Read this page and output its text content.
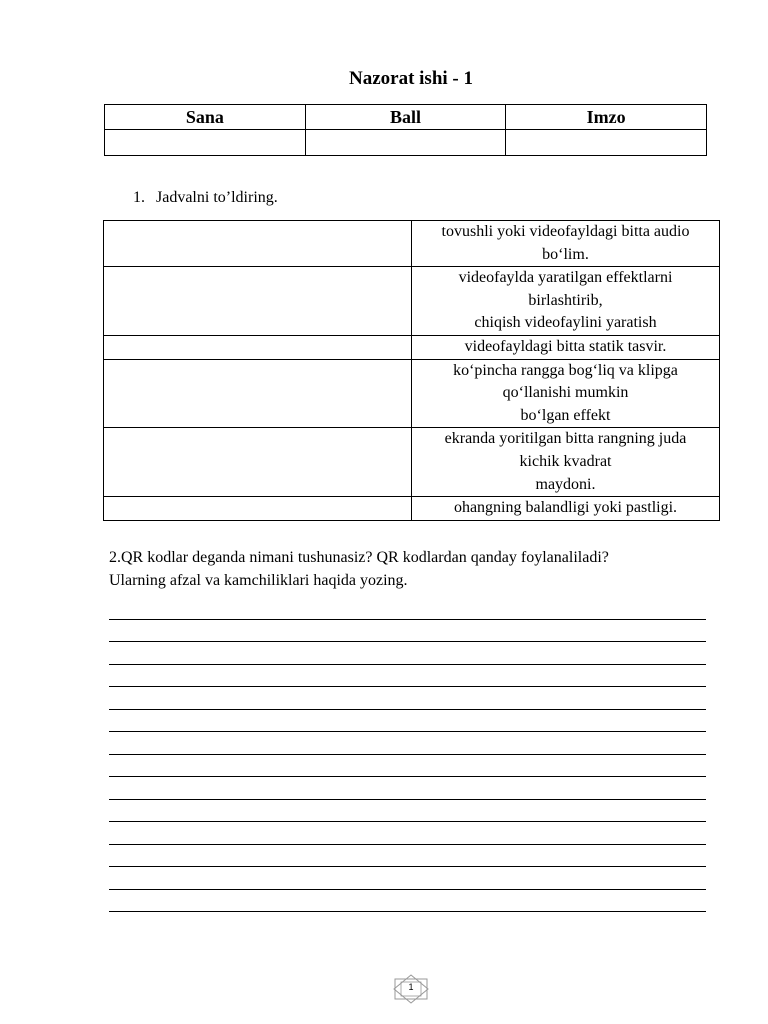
Nazorat ishi - 1
Sana	Ball	Imzo

1. Jadvalni to’ldiring.

	tovushli yoki videofayldagi bitta audio
bo‘lim.

	videofaylda yaratilgan effektlarni
birlashtirib,
chiqish videofaylini yaratish

	videofayldagi bitta statik tasvir.

	ko‘pincha rangga bog‘liq va klipga
qo‘llanishi mumkin
bo‘lgan effekt

	ekranda yoritilgan bitta rangning juda
kichik kvadrat
maydoni.

	ohangning balandligi yoki pastligi.
2.QR kodlar deganda nimani tushunasiz? QR kodlardan qanday foylanaliladi?
Ularning afzal va kamchiliklari haqida yozing.
1
